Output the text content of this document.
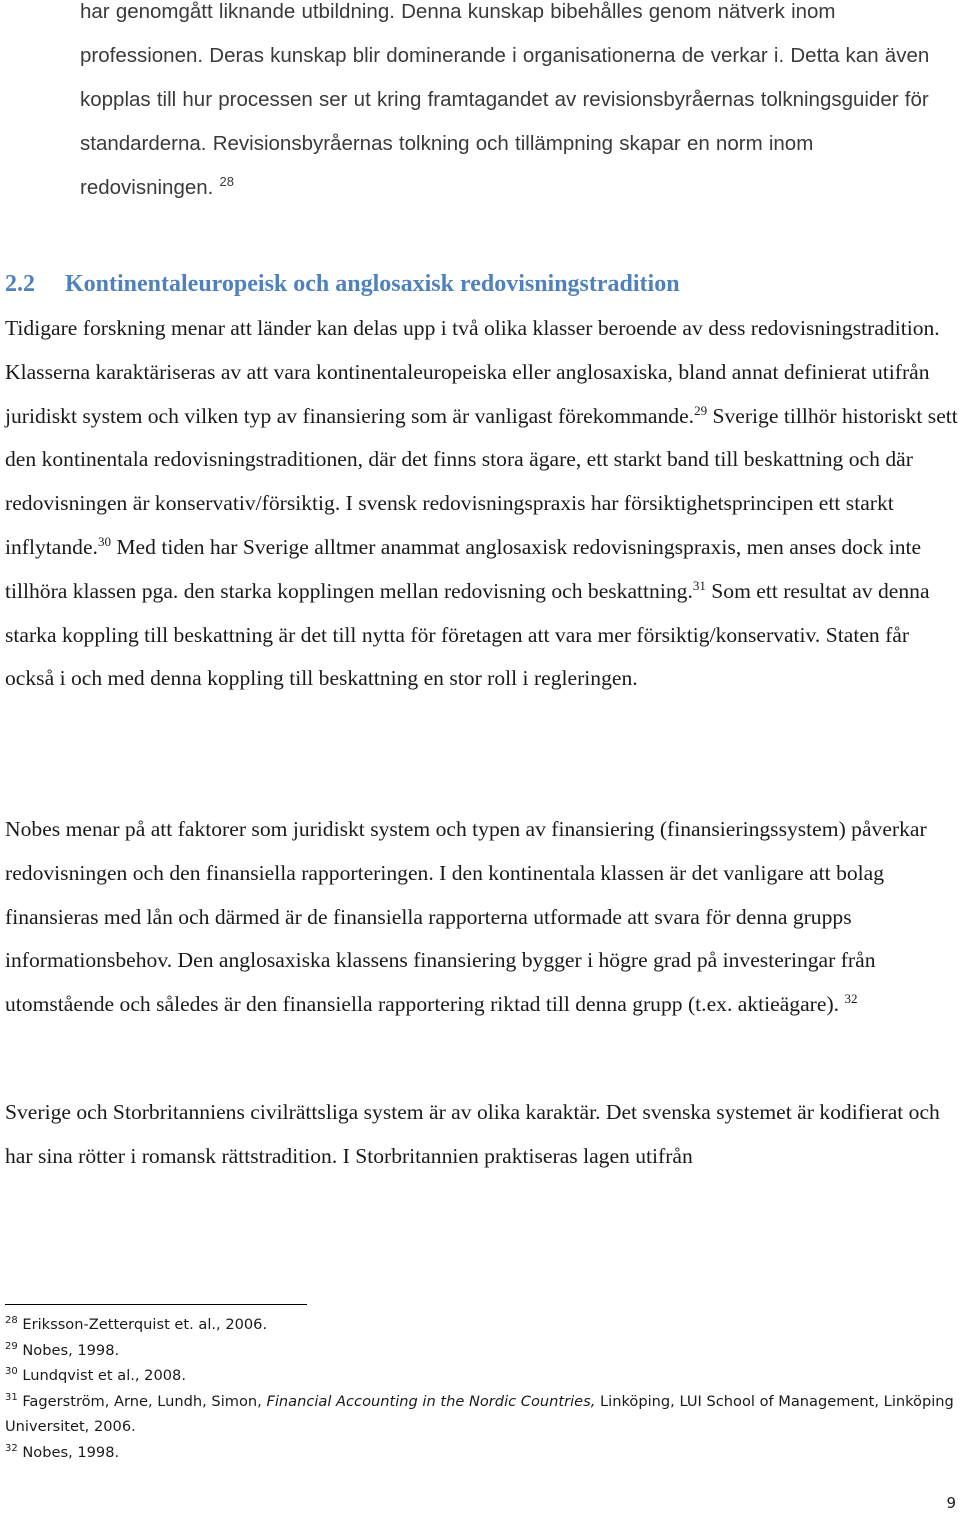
har genomgått liknande utbildning. Denna kunskap bibehålles genom nätverk inom professionen. Deras kunskap blir dominerande i organisationerna de verkar i. Detta kan även kopplas till hur processen ser ut kring framtagandet av revisionsbyråernas tolkningsguider för standarderna. Revisionsbyråernas tolkning och tillämpning skapar en norm inom redovisningen. $^{28}$

2.2 Kontinentaleuropeisk och anglosaxisk redovisningstradition

Tidigare forskning menar att länder kan delas upp i två olika klasser beroende av dess redovisningstradition. Klasserna karaktäriseras av att vara kontinentaleuropeiska eller anglosaxiska, bland annat definierat utifrån juridiskt system och vilken typ av finansiering som är vanligast förekommande.$^{29}$ Sverige tillhör historiskt sett den kontinentala redovisningstraditionen, där det finns stora ägare, ett starkt band till beskattning och där redovisningen är konservativ/försiktig. I svensk redovisningspraxis har försiktighetsprincipen ett starkt inflytande.$^{30}$ Med tiden har Sverige alltmer anammat anglosaxisk redovisningspraxis, men anses dock inte tillhöra klassen pga. den starka kopplingen mellan redovisning och beskattning.$^{31}$ Som ett resultat av denna starka koppling till beskattning är det till nytta för företagen att vara mer försiktig/konservativ. Staten får också i och med denna koppling till beskattning en stor roll i regleringen.

Nobes menar på att faktorer som juridiskt system och typen av finansiering (finansieringssystem) påverkar redovisningen och den finansiella rapporteringen. I den kontinentala klassen är det vanligare att bolag finansieras med lån och därmed är de finansiella rapporterna utformade att svara för denna grupps informationsbehov. Den anglosaxiska klassens finansiering bygger i högre grad på investeringar från utomstående och således är den finansiella rapportering riktad till denna grupp (t.ex. aktieägare). $^{32}$

Sverige och Storbritanniens civilrättsliga system är av olika karaktär. Det svenska systemet är kodifierat och har sina rötter i romansk rättstradition. I Storbritannien praktiseras lagen utifrån

$^{28}$ Eriksson-Zetterquist et. al., 2006.
$^{29}$ Nobes, 1998.
$^{30}$ Lundqvist et al., 2008.
$^{31}$ Fagerström, Arne, Lundh, Simon, Financial Accounting in the Nordic Countries, Linköping, LUI School of Management, Linköping Universitet, 2006.
$^{32}$ Nobes, 1998.
9
